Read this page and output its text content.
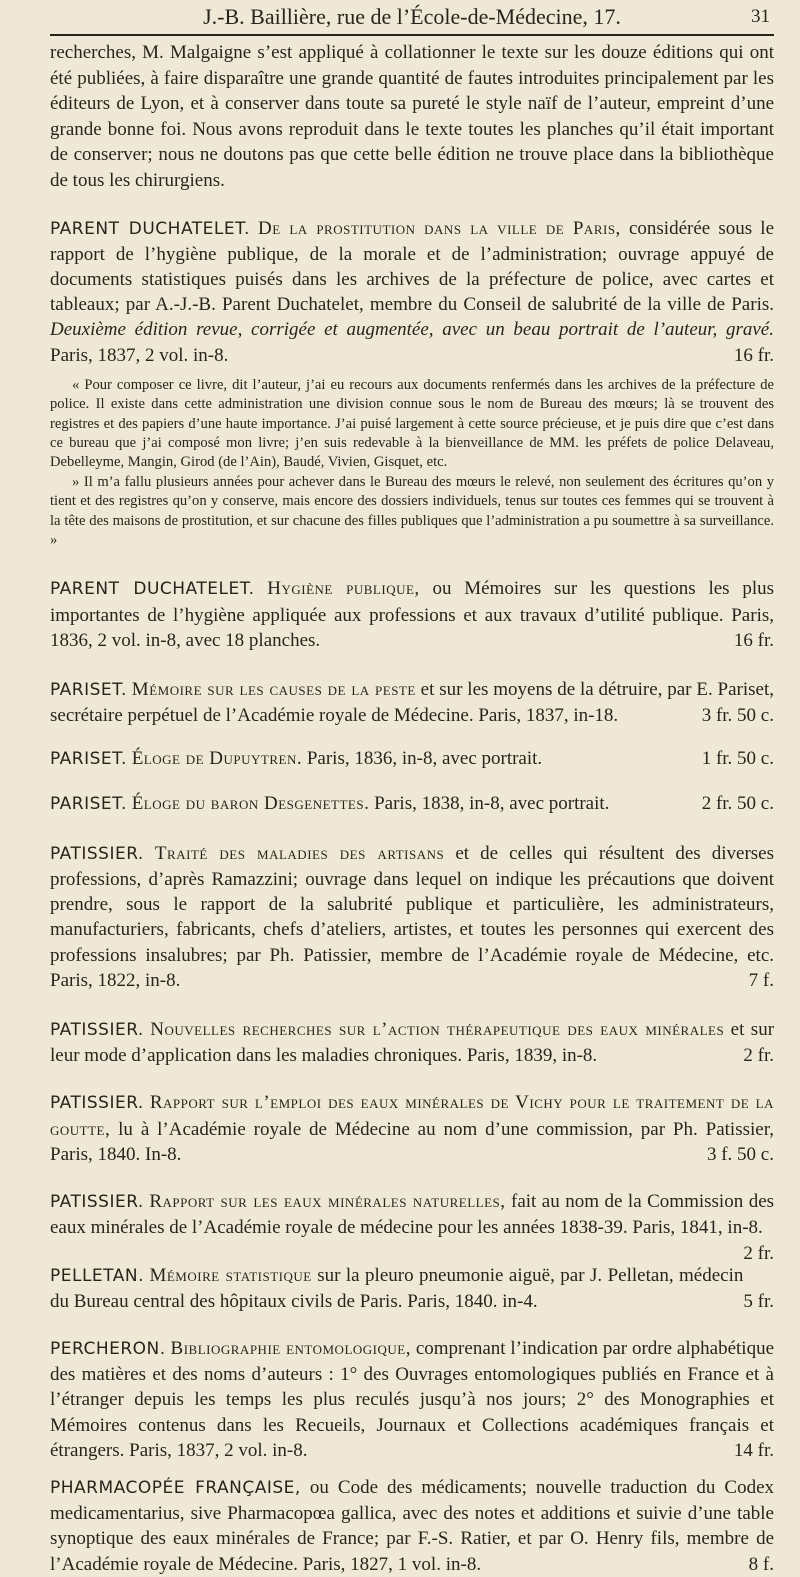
J.-B. Baillière, rue de l’École-de-Médecine, 17.	31

recherches, M. Malgaigne s’est appliqué à collationner le texte sur les douze éditions qui ont été publiées, à faire disparaître une grande quantité de fautes introduites principalement par les éditeurs de Lyon, et à conserver dans toute sa pureté le style naïf de l’auteur, empreint d’une grande bonne foi. Nous avons reproduit dans le texte toutes les planches qu’il était important de conserver; nous ne doutons pas que cette belle édition ne trouve place dans la bibliothèque de tous les chirurgiens.

PARENT DUCHATELET. De la prostitution dans la ville de Paris, considérée sous le rapport de l’hygiène publique, de la morale et de l’administration; ouvrage appuyé de documents statistiques puisés dans les archives de la préfecture de police, avec cartes et tableaux; par A.-J.-B. Parent Duchatelet, membre du Conseil de salubrité de la ville de Paris. Deuxième édition revue, corrigée et augmentée, avec un beau portrait de l’auteur, gravé. Paris, 1837, 2 vol. in-8.	16 fr.

« Pour composer ce livre, dit l’auteur, j’ai eu recours aux documents renfermés dans les archives de la préfecture de police. Il existe dans cette administration une division connue sous le nom de Bureau des mœurs; là se trouvent des registres et des papiers d’une haute importance. J’ai puisé largement à cette source précieuse, et je puis dire que c’est dans ce bureau que j’ai composé mon livre; j’en suis redevable à la bienveillance de MM. les préfets de police Delaveau, Debelleyme, Mangin, Girod (de l’Ain), Baudé, Vivien, Gisquet, etc.

» Il m’a fallu plusieurs années pour achever dans le Bureau des mœurs le relevé, non seulement des écritures qu’on y tient et des registres qu’on y conserve, mais encore des dossiers individuels, tenus sur toutes ces femmes qui se trouvent à la tête des maisons de prostitution, et sur chacune des filles publiques que l’administration a pu soumettre à sa surveillance. »

PARENT DUCHATELET. Hygiène publique, ou Mémoires sur les questions les plus importantes de l’hygiène appliquée aux professions et aux travaux d’utilité publique. Paris, 1836, 2 vol. in-8, avec 18 planches.	16 fr.

PARISET. Mémoire sur les causes de la peste et sur les moyens de la détruire, par E. Pariset, secrétaire perpétuel de l’Académie royale de Médecine. Paris, 1837, in-18.	3 fr. 50 c.

PARISET. Éloge de Dupuytren. Paris, 1836, in-8, avec portrait.	1 fr. 50 c.

PARISET. Éloge du baron Desgenettes. Paris, 1838, in-8, avec portrait.	2 fr. 50 c.

PATISSIER. Traité des maladies des artisans et de celles qui résultent des diverses professions, d’après Ramazzini; ouvrage dans lequel on indique les précautions que doivent prendre, sous le rapport de la salubrité publique et particulière, les administrateurs, manufacturiers, fabricants, chefs d’ateliers, artistes, et toutes les personnes qui exercent des professions insalubres; par Ph. Patissier, membre de l’Académie royale de Médecine, etc. Paris, 1822, in-8.	7 f.

PATISSIER. Nouvelles recherches sur l’action thérapeutique des eaux minérales et sur leur mode d’application dans les maladies chroniques. Paris, 1839, in-8.	2 fr.

PATISSIER. Rapport sur l’emploi des eaux minérales de Vichy pour le traitement de la goutte, lu à l’Académie royale de Médecine au nom d’une commission, par Ph. Patissier, Paris, 1840. In-8.	3 f. 50 c.

PATISSIER. Rapport sur les eaux minérales naturelles, fait au nom de la Commission des eaux minérales de l’Académie royale de médecine pour les années 1838-39. Paris, 1841, in-8.
2 fr.

PELLETAN. Mémoire statistique sur la pleuro pneumonie aiguë, par J. Pelletan, médecin du Bureau central des hôpitaux civils de Paris. Paris, 1840. in-4.	5 fr.

PERCHERON. Bibliographie entomologique, comprenant l’indication par ordre alphabétique des matières et des noms d’auteurs : 1° des Ouvrages entomologiques publiés en France et à l’étranger depuis les temps les plus reculés jusqu’à nos jours; 2° des Monographies et Mémoires contenus dans les Recueils, Journaux et Collections académiques français et étrangers. Paris, 1837, 2 vol. in-8.	14 fr.

PHARMACOPÉE FRANÇAISE, ou Code des médicaments; nouvelle traduction du Codex medicamentarius, sive Pharmacopœa gallica, avec des notes et additions et suivie d’une table synoptique des eaux minérales de France; par F.-S. Ratier, et par O. Henry fils, membre de l’Académie royale de Médecine. Paris, 1827, 1 vol. in-8.	8 f.
